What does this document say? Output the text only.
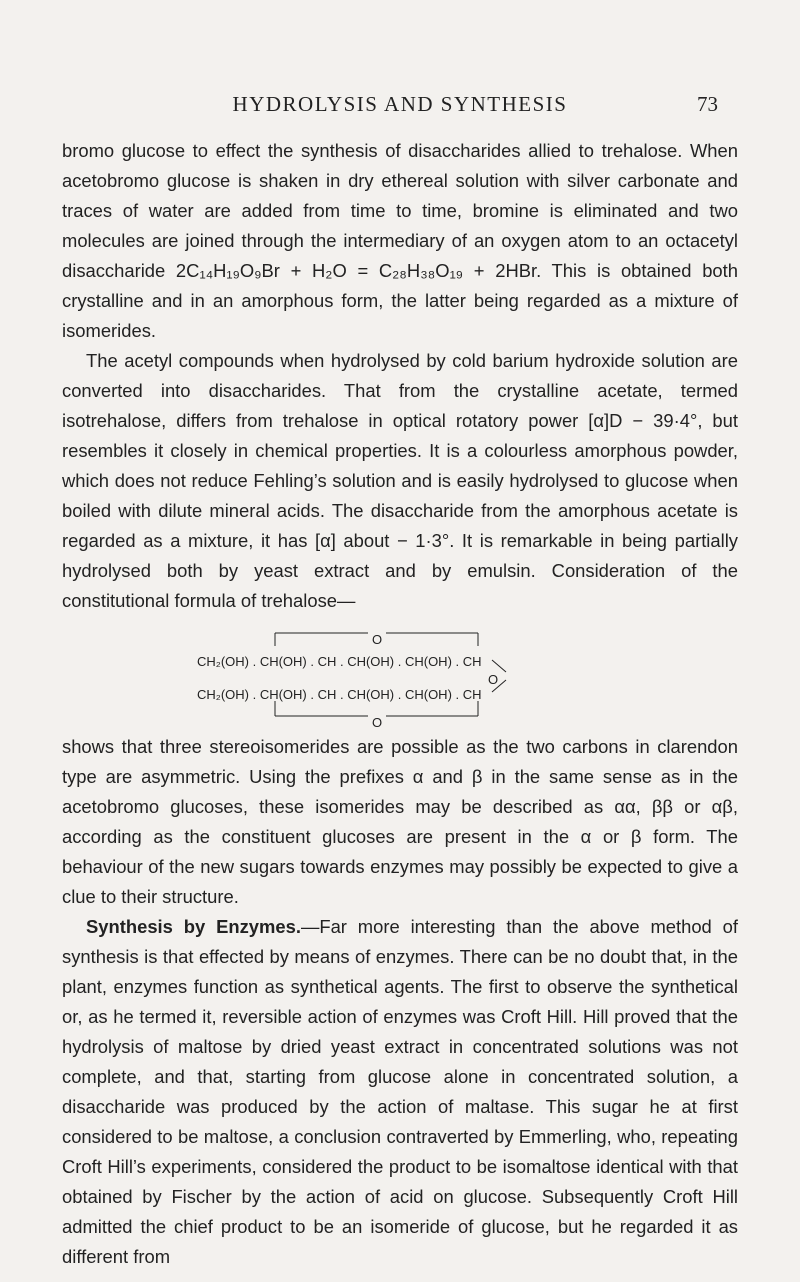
HYDROLYSIS AND SYNTHESIS	73

bromo glucose to effect the synthesis of disaccharides allied to trehalose. When acetobromo glucose is shaken in dry ethereal solution with silver carbonate and traces of water are added from time to time, bromine is eliminated and two molecules are joined through the intermediary of an oxygen atom to an octacetyl disaccharide 2C₁₄H₁₉O₉Br + H₂O = C₂₈H₃₈O₁₉ + 2HBr. This is obtained both crystalline and in an amorphous form, the latter being regarded as a mixture of isomerides.

The acetyl compounds when hydrolysed by cold barium hydroxide solution are converted into disaccharides. That from the crystalline acetate, termed isotrehalose, differs from trehalose in optical rotatory power [α]D − 39·4°, but resembles it closely in chemical properties. It is a colourless amorphous powder, which does not reduce Fehling’s solution and is easily hydrolysed to glucose when boiled with dilute mineral acids. The disaccharide from the amorphous acetate is regarded as a mixture, it has [α] about − 1·3°. It is remarkable in being partially hydrolysed both by yeast extract and by emulsin. Consideration of the constitutional formula of trehalose—

O
CH₂(OH) . CH(OH) . CH . CH(OH) . CH(OH) . CH
O
CH₂(OH) . CH(OH) . CH . CH(OH) . CH(OH) . CH
O

shows that three stereoisomerides are possible as the two carbons in clarendon type are asymmetric. Using the prefixes α and β in the same sense as in the acetobromo glucoses, these isomerides may be described as αα, ββ or αβ, according as the constituent glucoses are present in the α or β form. The behaviour of the new sugars towards enzymes may possibly be expected to give a clue to their structure.

Synthesis by Enzymes.—Far more interesting than the above method of synthesis is that effected by means of enzymes. There can be no doubt that, in the plant, enzymes function as synthetical agents. The first to observe the synthetical or, as he termed it, reversible action of enzymes was Croft Hill. Hill proved that the hydrolysis of maltose by dried yeast extract in concentrated solutions was not complete, and that, starting from glucose alone in concentrated solution, a disaccharide was produced by the action of maltase. This sugar he at first considered to be maltose, a conclusion contraverted by Emmerling, who, repeating Croft Hill’s experiments, considered the product to be isomaltose identical with that obtained by Fischer by the action of acid on glucose. Subsequently Croft Hill admitted the chief product to be an isomeride of glucose, but he regarded it as different from
